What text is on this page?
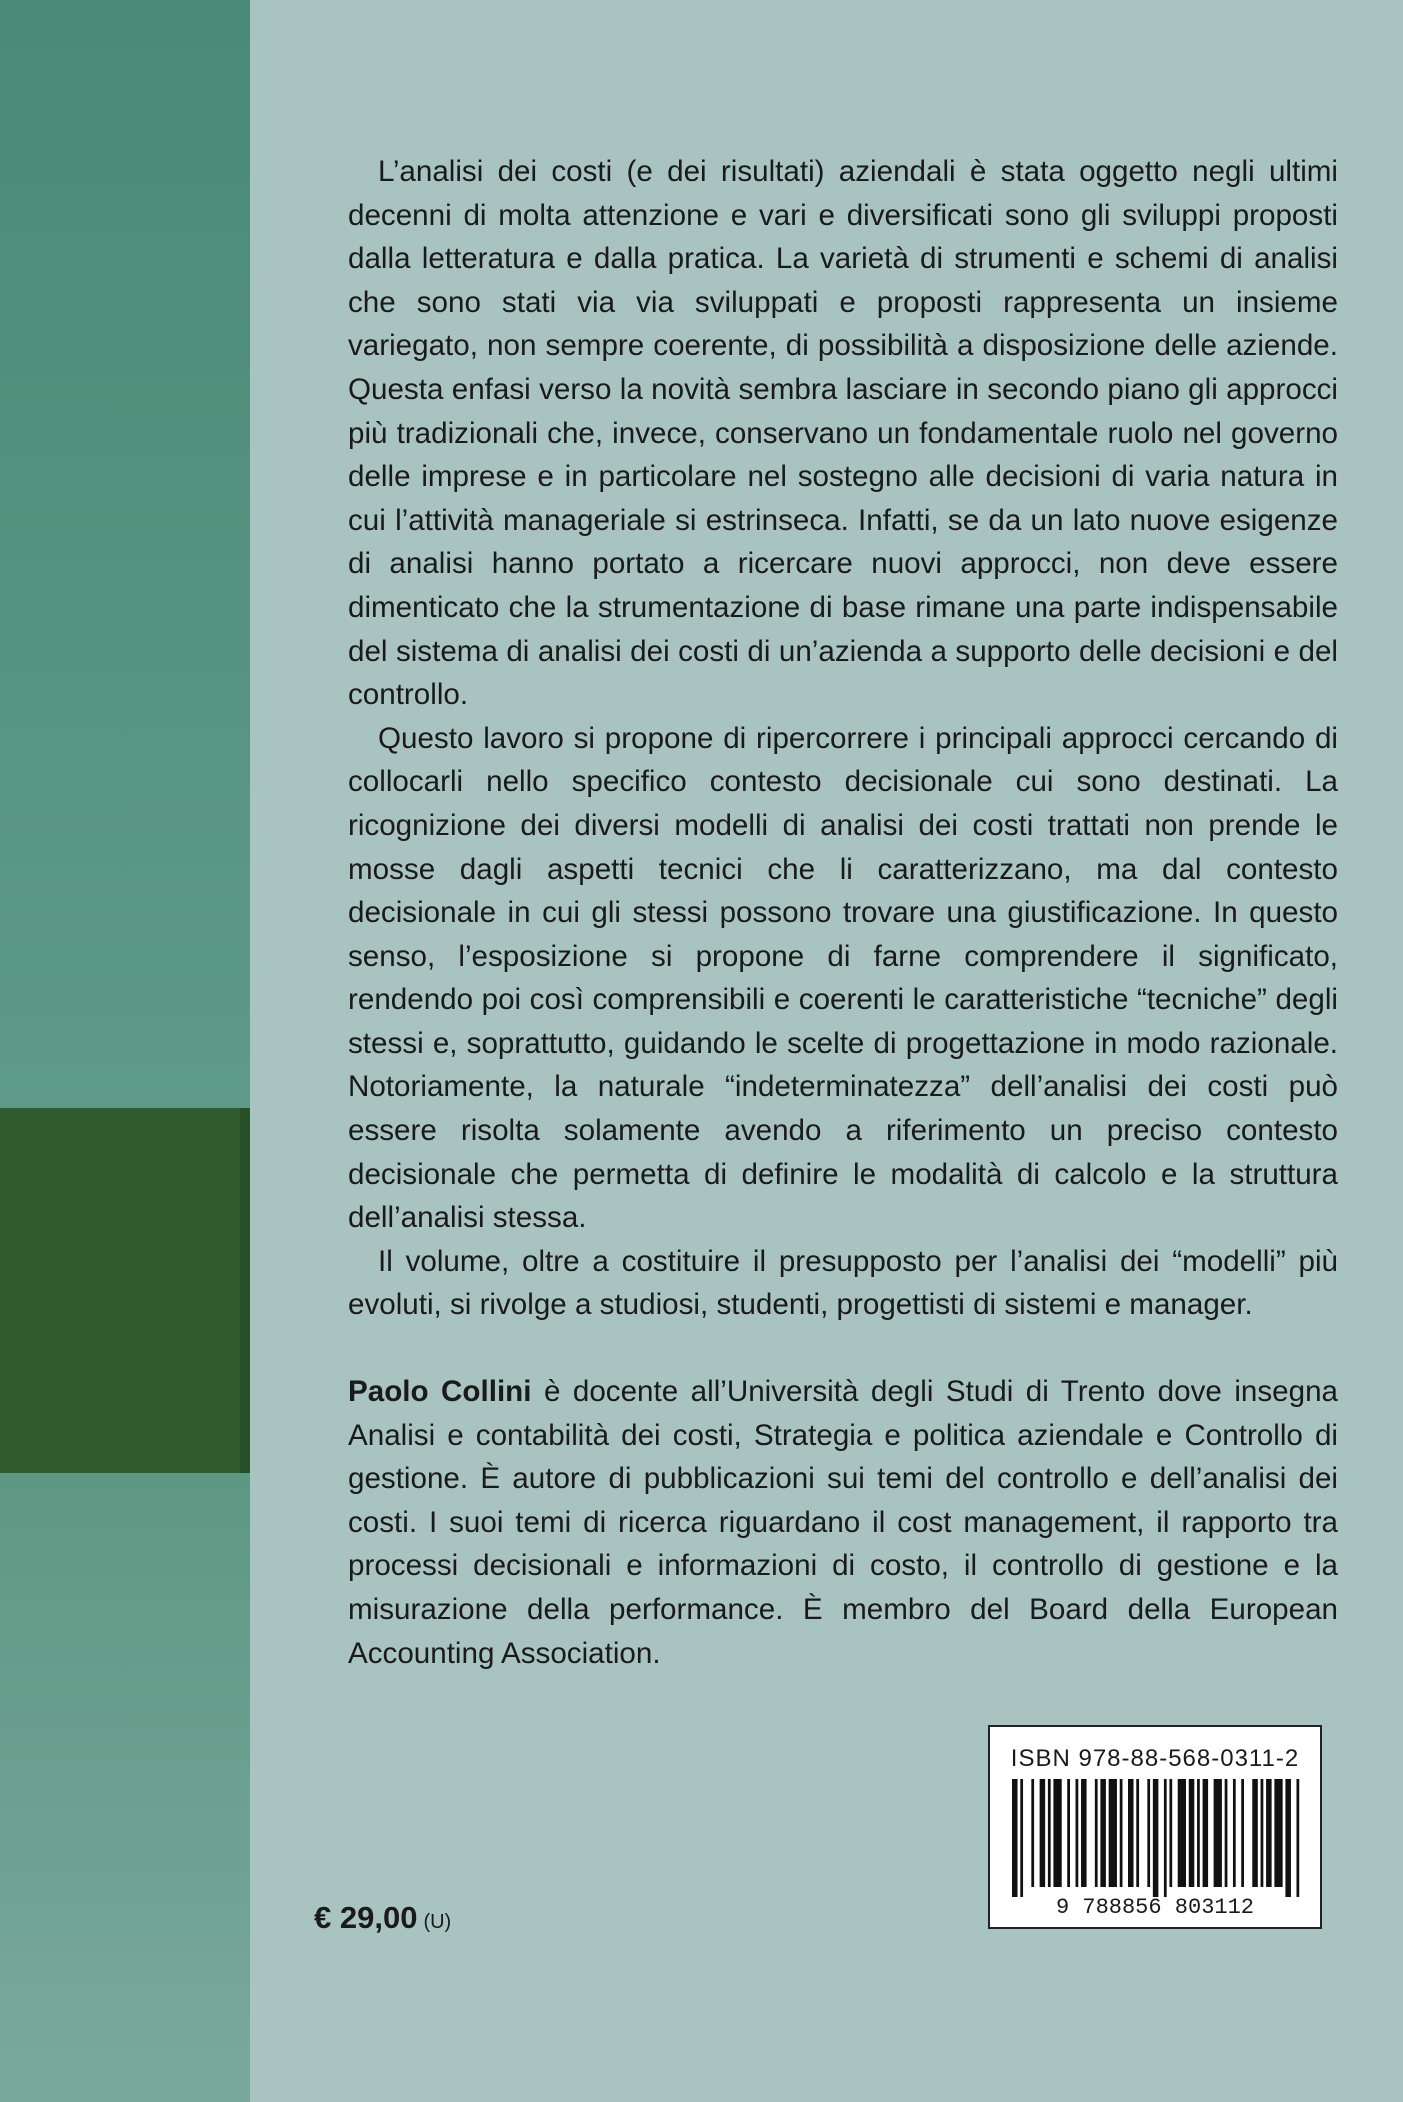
L’analisi dei costi (e dei risultati) aziendali è stata oggetto negli ultimi decenni di molta attenzione e vari e diversificati sono gli sviluppi proposti dalla letteratura e dalla pratica. La varietà di strumenti e schemi di analisi che sono stati via via sviluppati e proposti rappresenta un insieme variegato, non sempre coerente, di possibilità a disposizione delle aziende. Questa enfasi verso la novità sembra lasciare in secondo piano gli approcci più tradizionali che, invece, conservano un fondamentale ruolo nel governo delle imprese e in particolare nel sostegno alle decisioni di varia natura in cui l’attività manageriale si estrinseca. Infatti, se da un lato nuove esigenze di analisi hanno portato a ricercare nuovi approcci, non deve essere dimenticato che la strumentazione di base rimane una parte indispensabile del sistema di analisi dei costi di un’azienda a supporto delle decisioni e del controllo.

Questo lavoro si propone di ripercorrere i principali approcci cercando di collocarli nello specifico contesto decisionale cui sono destinati. La ricognizione dei diversi modelli di analisi dei costi trattati non prende le mosse dagli aspetti tecnici che li caratterizzano, ma dal contesto decisionale in cui gli stessi possono trovare una giustificazione. In questo senso, l’esposizione si propone di farne comprendere il significato, rendendo poi così comprensibili e coerenti le caratteristiche “tecniche” degli stessi e, soprattutto, guidando le scelte di progettazione in modo razionale. Notoriamente, la naturale “indeterminatezza” dell’analisi dei costi può essere risolta solamente avendo a riferimento un preciso contesto decisionale che permetta di definire le modalità di calcolo e la struttura dell’analisi stessa.

Il volume, oltre a costituire il presupposto per l’analisi dei “modelli” più evoluti, si rivolge a studiosi, studenti, progettisti di sistemi e manager.

Paolo Collini è docente all’Università degli Studi di Trento dove insegna Analisi e contabilità dei costi, Strategia e politica aziendale e Controllo di gestione. È autore di pubblicazioni sui temi del controllo e dell’analisi dei costi. I suoi temi di ricerca riguardano il cost management, il rapporto tra processi decisionali e informazioni di costo, il controllo di gestione e la misurazione della performance. È membro del Board della European Accounting Association.

€ 29,00 (U)
ISBN 978-88-568-0311-2
9 788856 803112
